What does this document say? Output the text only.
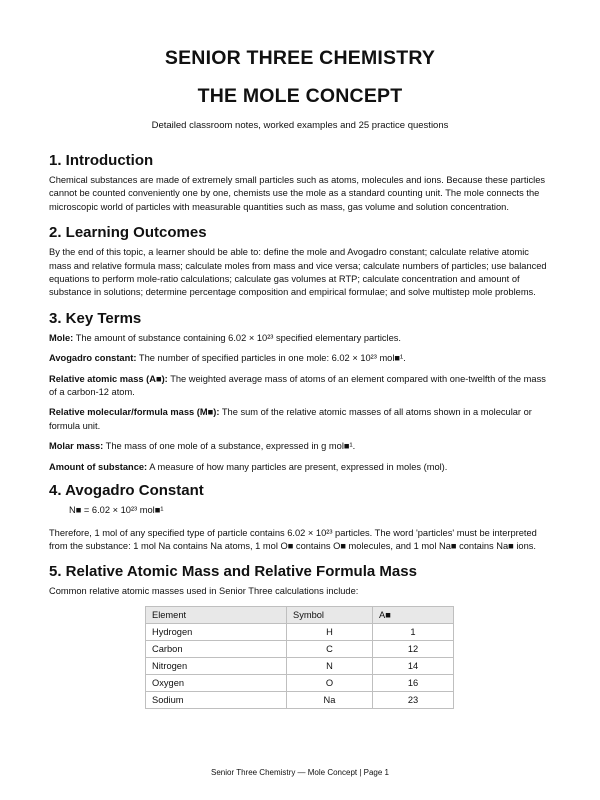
SENIOR THREE CHEMISTRY
THE MOLE CONCEPT
Detailed classroom notes, worked examples and 25 practice questions
1. Introduction

Chemical substances are made of extremely small particles such as atoms, molecules and ions. Because these particles cannot be counted conveniently one by one, chemists use the mole as a standard counting unit. The mole connects the microscopic world of particles with measurable quantities such as mass, gas volume and solution concentration.

2. Learning Outcomes

By the end of this topic, a learner should be able to: define the mole and Avogadro constant; calculate relative atomic mass and relative formula mass; calculate moles from mass and vice versa; calculate numbers of particles; use balanced equations to perform mole-ratio calculations; calculate gas volumes at RTP; calculate concentration and amount of substance in solutions; determine percentage composition and empirical formulae; and solve multistep mole problems.

3. Key Terms

Mole: The amount of substance containing 6.02 × 10²³ specified elementary particles.

Avogadro constant: The number of specified particles in one mole: 6.02 × 10²³ mol■¹.

Relative atomic mass (A■): The weighted average mass of atoms of an element compared with one-twelfth of the mass of a carbon-12 atom.

Relative molecular/formula mass (M■): The sum of the relative atomic masses of all atoms shown in a molecular or formula unit.

Molar mass: The mass of one mole of a substance, expressed in g mol■¹.

Amount of substance: A measure of how many particles are present, expressed in moles (mol).

4. Avogadro Constant

N■ = 6.02 × 10²³ mol■¹

Therefore, 1 mol of any specified type of particle contains 6.02 × 10²³ particles. The word 'particles' must be interpreted from the substance: 1 mol Na contains Na atoms, 1 mol O■ contains O■ molecules, and 1 mol Na■ contains Na■ ions.

5. Relative Atomic Mass and Relative Formula Mass

Common relative atomic masses used in Senior Three calculations include:

Element	Symbol	A■
Hydrogen	H	1
Carbon	C	12
Nitrogen	N	14
Oxygen	O	16
Sodium	Na	23
Senior Three Chemistry — Mole Concept | Page 1
